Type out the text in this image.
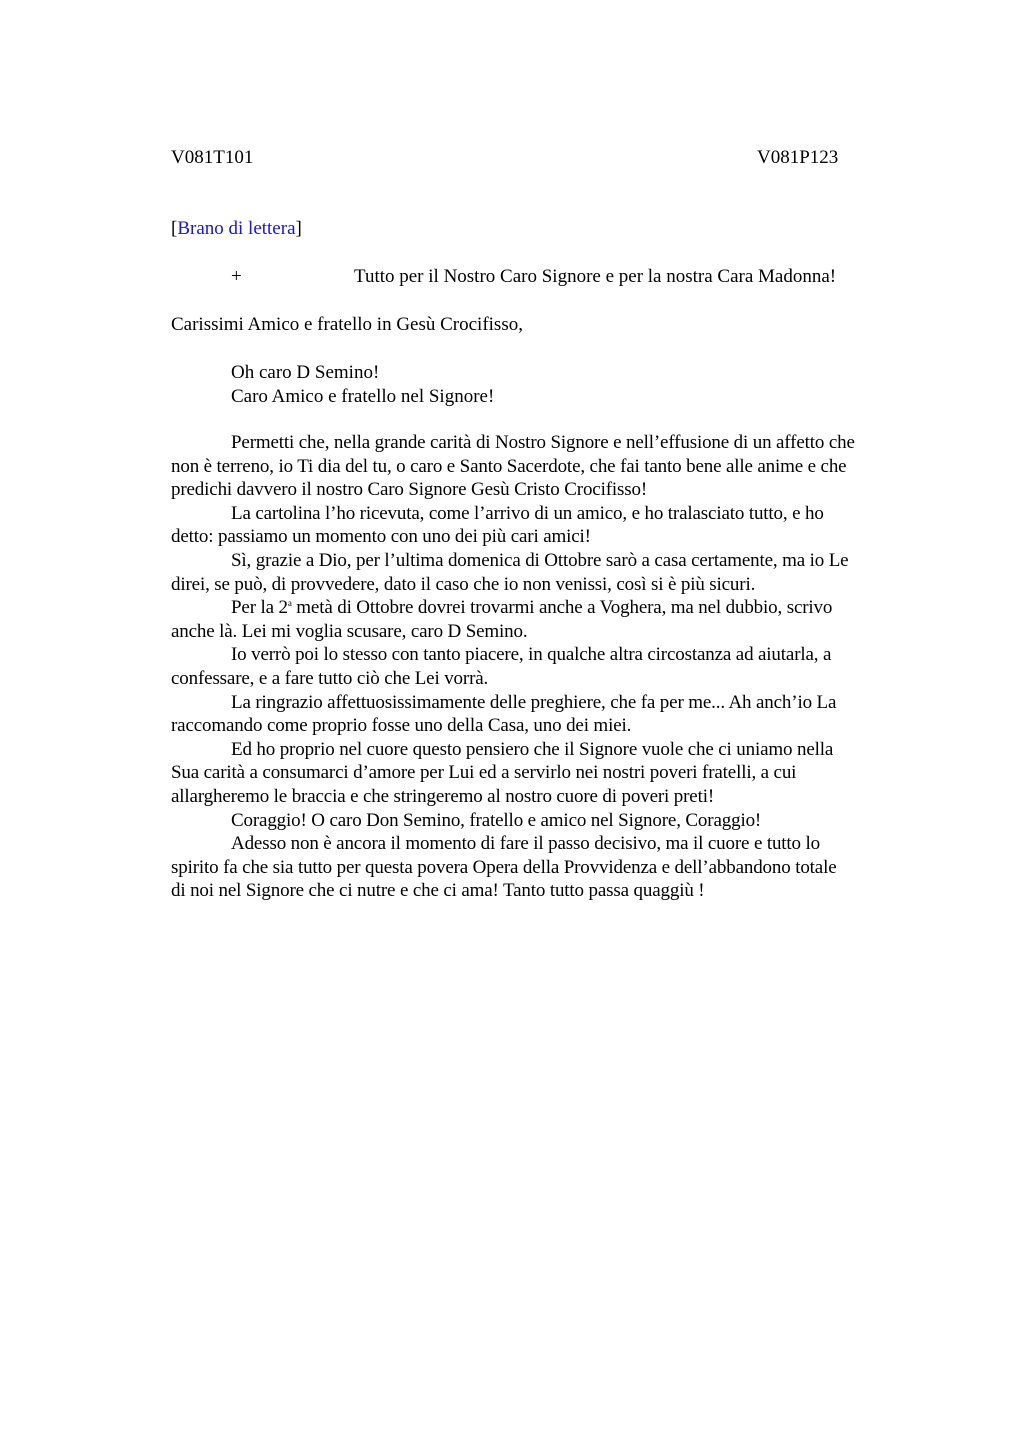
V081T101	V081P123

[Brano di lettera]

+	Tutto per il Nostro Caro Signore e per la nostra Cara Madonna!

Carissimi Amico e fratello in Gesù Crocifisso,

Oh caro D Semino!
Caro Amico e fratello nel Signore!

Permetti che, nella grande carità di Nostro Signore e nell’effusione di un affetto che
non è terreno, io Ti dia del tu, o caro e Santo Sacerdote, che fai tanto bene alle anime e che
predichi davvero il nostro Caro Signore Gesù Cristo Crocifisso!

La cartolina l’ho ricevuta, come l’arrivo di un amico, e ho tralasciato tutto, e ho
detto: passiamo un momento con uno dei più cari amici!

Sì, grazie a Dio, per l’ultima domenica di Ottobre sarò a casa certamente, ma io Le
direi, se può, di provvedere, dato il caso che io non venissi, così si è più sicuri.

Per la 2$^a$ metà di Ottobre dovrei trovarmi anche a Voghera, ma nel dubbio, scrivo
anche là. Lei mi voglia scusare, caro D Semino.

Io verrò poi lo stesso con tanto piacere, in qualche altra circostanza ad aiutarla, a
confessare, e a fare tutto ciò che Lei vorrà.

La ringrazio affettuosissimamente delle preghiere, che fa per me... Ah anch’io La
raccomando come proprio fosse uno della Casa, uno dei miei.

Ed ho proprio nel cuore questo pensiero che il Signore vuole che ci uniamo nella
Sua carità a consumarci d’amore per Lui ed a servirlo nei nostri poveri fratelli, a cui
allargheremo le braccia e che stringeremo al nostro cuore di poveri preti!

Coraggio! O caro Don Semino, fratello e amico nel Signore, Coraggio!

Adesso non è ancora il momento di fare il passo decisivo, ma il cuore e tutto lo
spirito fa che sia tutto per questa povera Opera della Provvidenza e dell’abbandono totale
di noi nel Signore che ci nutre e che ci ama! Tanto tutto passa quaggiù !
